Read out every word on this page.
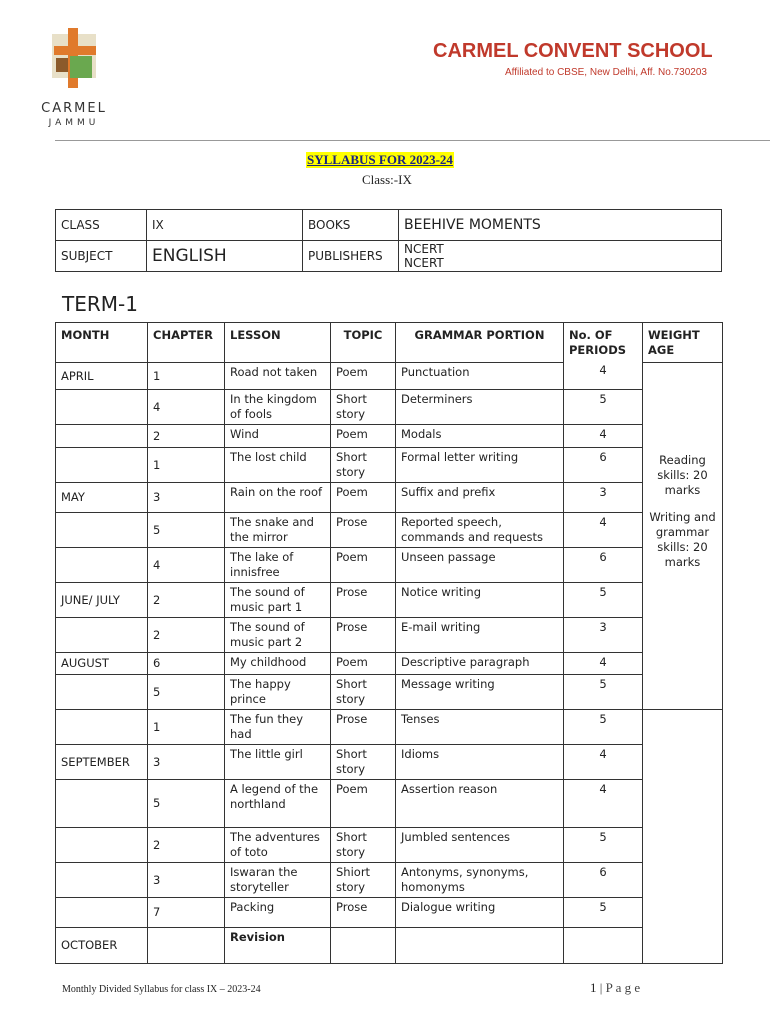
CARMEL
JAMMU
CARMEL CONVENT SCHOOL
Affiliated to CBSE, New Delhi, Aff. No.730203
SYLLABUS FOR 2023-24
Class:-IX
CLASS	IX	BOOKS	BEEHIVE MOMENTS
SUBJECT	ENGLISH	PUBLISHERS	NCERT
NCERT
TERM-1
MONTH	CHAPTER	LESSON	TOPIC	GRAMMAR PORTION	No. OF PERIODS	WEIGHT AGE
APRIL	1	Road not taken	Poem	Punctuation	4	Reading skills: 20 marks
Writing and grammar skills: 20 marks

	4	In the kingdom of fools	Short story	Determiners	5	
	2	Wind	Poem	Modals	4	
	1	The lost child	Short story	Formal letter writing	6	
MAY	3	Rain on the roof	Poem	Suffix and prefix	3	
	5	The snake and the mirror	Prose	Reported speech, commands and requests	4	
	4	The lake of innisfree	Poem	Unseen passage	6	
JUNE/ JULY	2	The sound of music part 1	Prose	Notice writing	5	
	2	The sound of music part 2	Prose	E-mail writing	3	
AUGUST	6	My childhood	Poem	Descriptive paragraph	4	
	5	The happy prince	Short story	Message writing	5	
	1	The fun they had	Prose	Tenses	5	
SEPTEMBER	3	The little girl	Short story	Idioms	4	
	5	A legend of the northland	Poem	Assertion reason	4	
	2	The adventures of toto	Short story	Jumbled sentences	5	
	3	Iswaran the storyteller	Shiort story	Antonyms, synonyms, homonyms	6	
	7	Packing	Prose	Dialogue writing	5	
OCTOBER		Revision				
Monthly Divided Syllabus for class IX – 2023-24	1 | P a g e
